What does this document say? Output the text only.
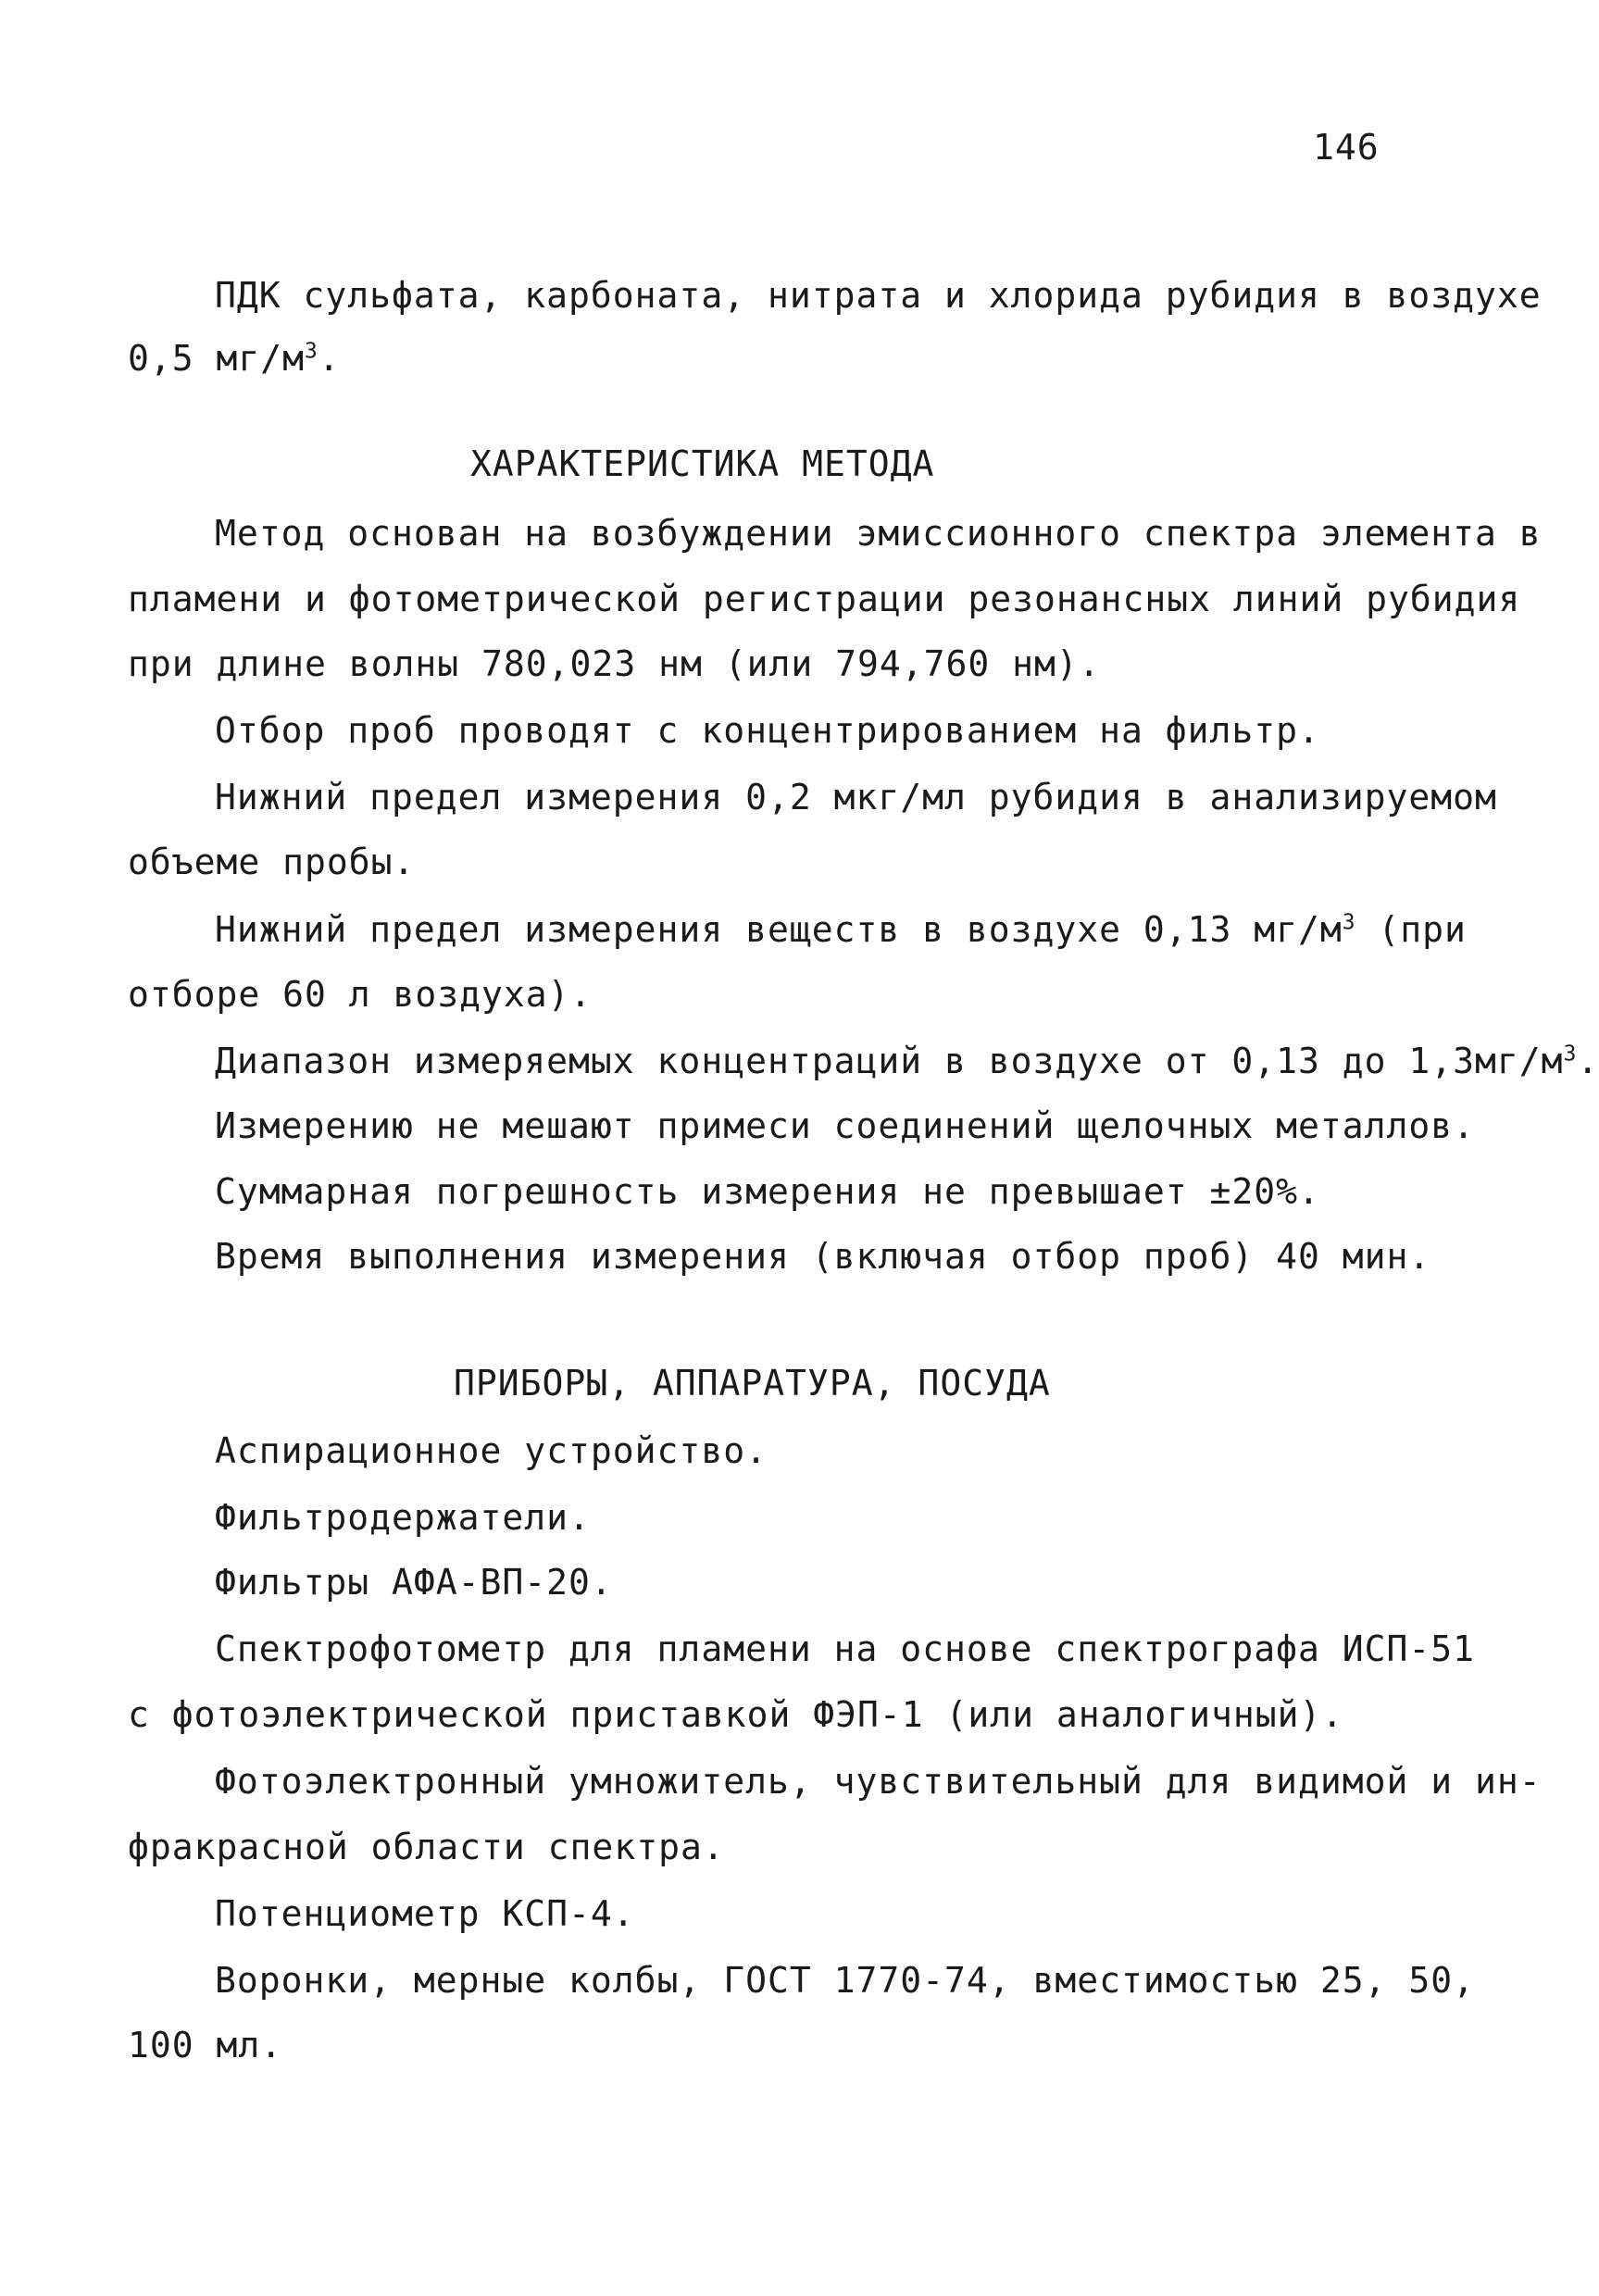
146
ПДК сульфата, карбоната, нитрата и хлорида рубидия в воздухе
0,5 $мг/м^3$.
ХАРАКТЕРИСТИКА МЕТОДА
Метод основан на возбуждении эмиссионного спектра элемента в
пламени и фотометрической регистрации резонансных линий рубидия
при длине волны 780,023 нм (или 794,760 нм).
Отбор проб проводят с концентрированием на фильтр.
Нижний предел измерения 0,2 мкг/мл рубидия в анализируемом
объеме пробы.
Нижний предел измерения веществ в воздухе 0,13 $мг/м^3$ (при
отборе 60 л воздуха).
Диапазон измеряемых концентраций в воздухе от 0,13 до $1,3мг/м^3$.
Измерению не мешают примеси соединений щелочных металлов.
Суммарная погрешность измерения не превышает ±20%.
Время выполнения измерения (включая отбор проб) 40 мин.
ПРИБОРЫ, АППАРАТУРА, ПОСУДА
Аспирационное устройство.
Фильтродержатели.
Фильтры АФА-ВП-20.
Спектрофотометр для пламени на основе спектрографа ИСП-51
с фотоэлектрической приставкой ФЭП-1 (или аналогичный).
Фотоэлектронный умножитель, чувствительный для видимой и ин-
фракрасной области спектра.
Потенциометр КСП-4.
Воронки, мерные колбы, ГОСТ 1770-74, вместимостью 25, 50,
100 мл.
